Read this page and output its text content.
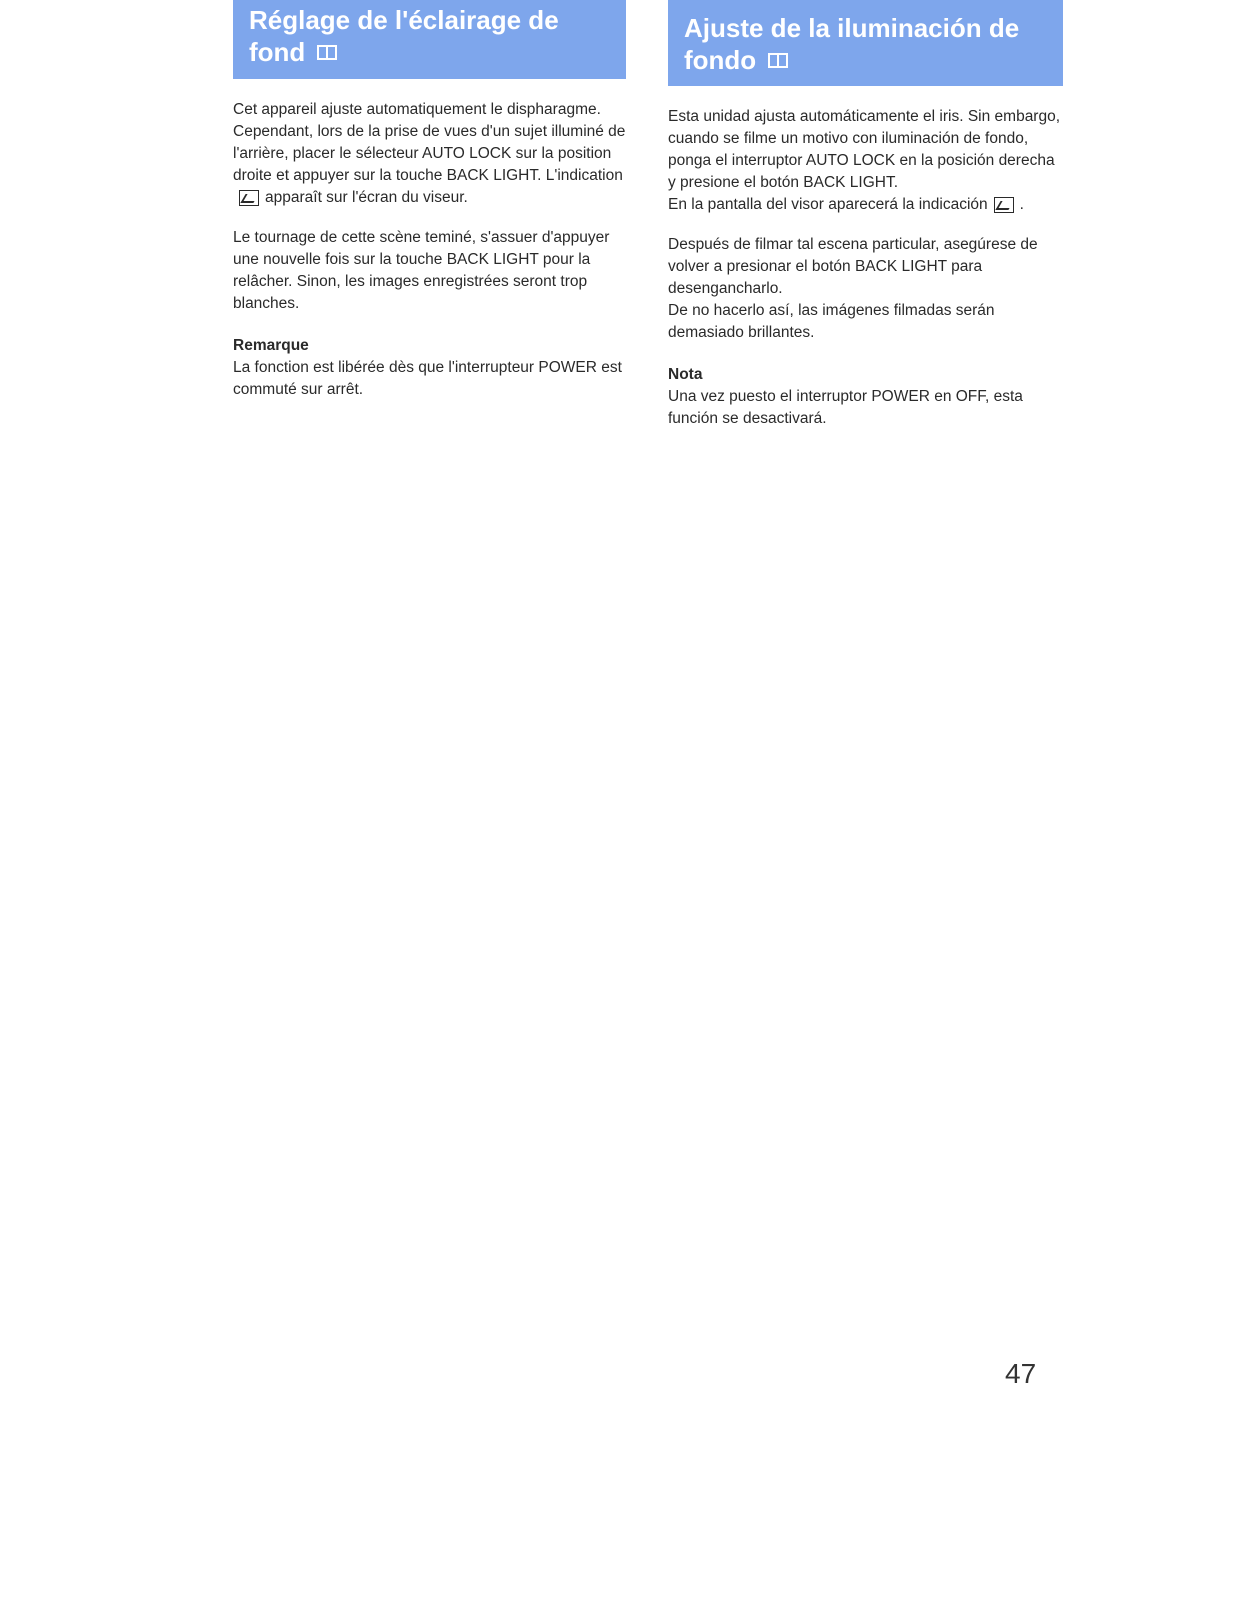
Réglage de l'éclairage de
fond

Cet appareil ajuste automatiquement le dispharagme. Cependant, lors de la prise de vues d'un sujet illuminé de l'arrière, placer le sélecteur AUTO LOCK sur la position droite et appuyer sur la touche BACK LIGHT. L'indicationapparaît sur l'écran du viseur.

Le tournage de cette scène teminé, s'assuer d'appuyer une nouvelle fois sur la touche BACK LIGHT pour la relâcher. Sinon, les images enregistrées seront trop blanches.

Remarque

La fonction est libérée dès que l'interrupteur POWER est commuté sur arrêt.

Ajuste de la iluminación de
fondo

Esta unidad ajusta automáticamente el iris. Sin embargo, cuando se filme un motivo con iluminación de fondo, ponga el interruptor AUTO LOCK en la posición derecha y presione el botón BACK LIGHT.

En la pantalla del visor aparecerá la indicación .

Después de filmar tal escena particular, asegúrese de volver a presionar el botón BACK LIGHT para desengancharlo.

De no hacerlo así, las imágenes filmadas serán demasiado brillantes.

Nota

Una vez puesto el interruptor POWER en OFF, esta función se desactivará.

47
